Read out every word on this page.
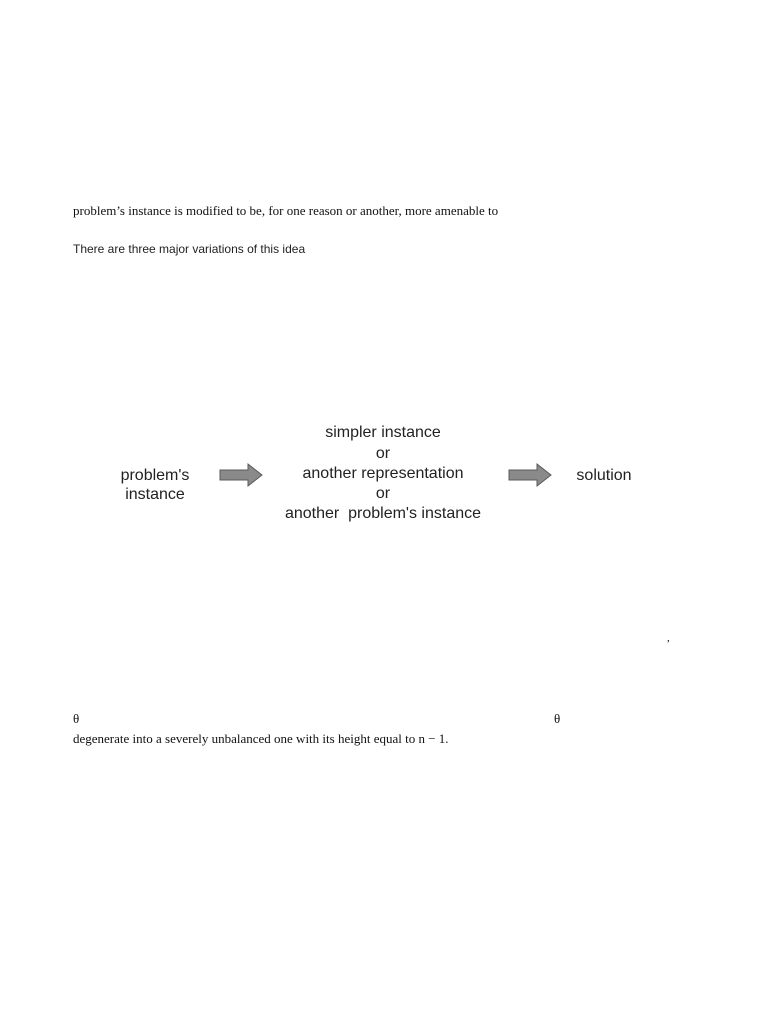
problem’s instance is modified to be, for one reason or another, more amenable to
There are three major variations of this idea
problem's
instance
simpler instance
or
another representation
or
another  problem's instance
solution
,
θ	θ
degenerate into a severely unbalanced one with its height equal to n − 1.
